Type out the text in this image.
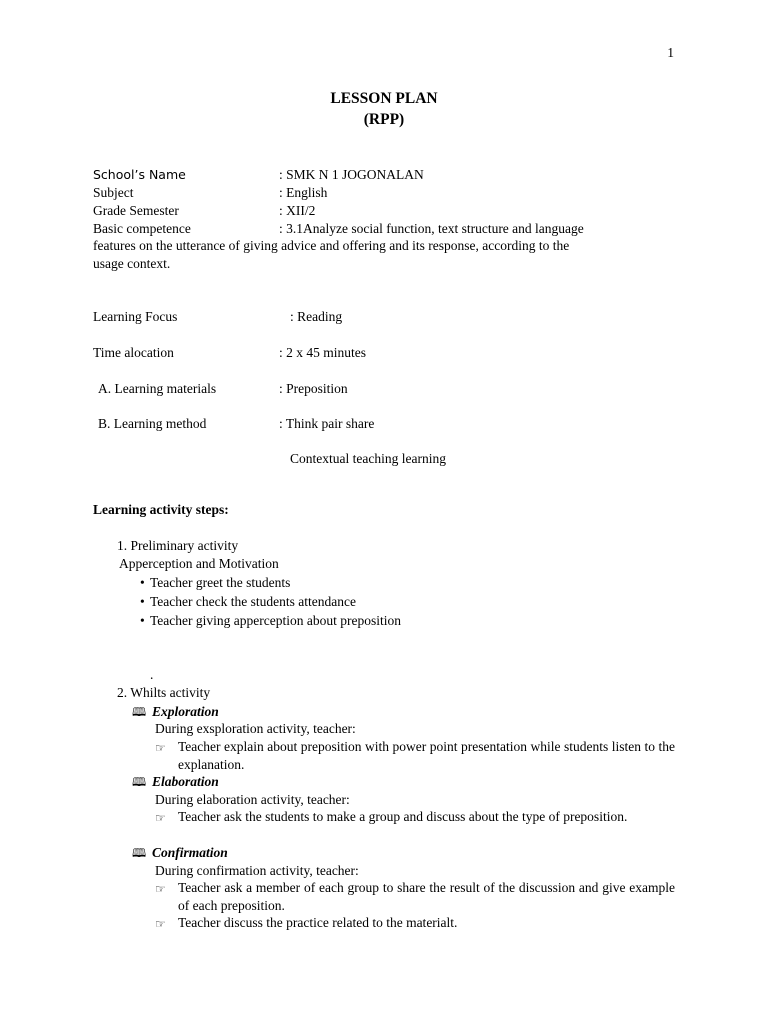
1
LESSON PLAN
(RPP)
School’s Name	: SMK N 1 JOGONALAN
Subject	: English
Grade Semester	: XII/2
Basic competence	: 3.1Analyze social function, text structure and language
features on the utterance of giving advice and offering and its response, according to the
usage context.
Learning Focus	: Reading
Time alocation	: 2 x 45 minutes
A. Learning materials	: Preposition
B. Learning method	: Think pair share
Contextual teaching learning
Learning activity steps:
1. Preliminary activity
Apperception and Motivation
• Teacher greet the students
• Teacher check the students attendance
• Teacher giving apperception about preposition
.
2. Whilts activity
🕮 Exploration
During exsploration activity, teacher:
☞ Teacher explain about preposition with power point presentation while students listen to the explanation.
🕮 Elaboration
During elaboration activity, teacher:
☞ Teacher ask the students to make a group and discuss about the type of preposition.
🕮 Confirmation
During confirmation activity, teacher:
☞ Teacher ask a member of each group to share the result of the discussion and give example of each preposition.
☞ Teacher discuss the practice related to the materialt.
